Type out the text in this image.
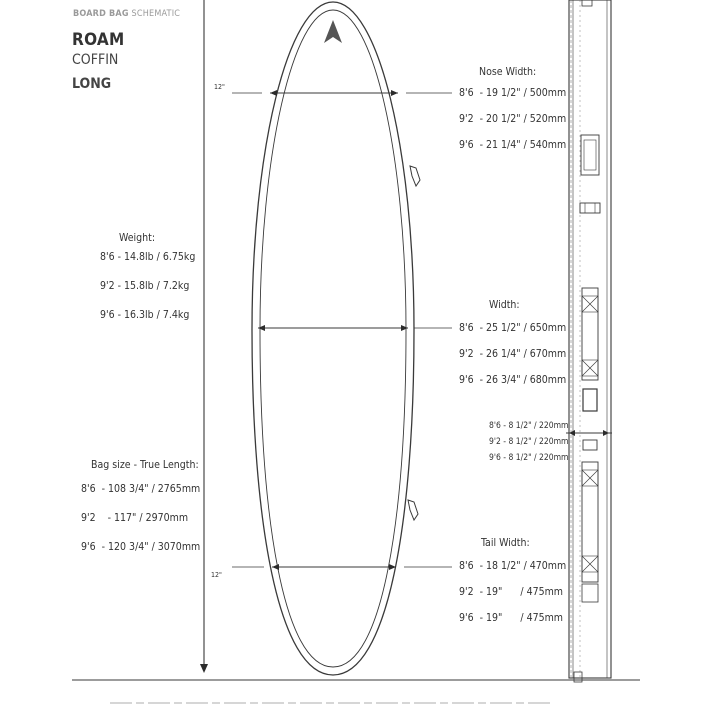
BOARD BAG SCHEMATIC
ROAM
COFFIN
LONG	12"
12"
Nose Width:
8'6 - 19 1/2" / 500mm
9'2 - 20 1/2" / 520mm
9'6 - 21 1/4" / 540mm
Weight:
8'6 - 14.8lb / 6.75kg
9'2 - 15.8lb / 7.2kg
9'6 - 16.3lb / 7.4kg
Width:
8'6 - 25 1/2" / 650mm
9'2 - 26 1/4" / 670mm
9'6 - 26 3/4" / 680mm
8'6 - 8 1/2" / 220mm
9'2 - 8 1/2" / 220mm
9'6 - 8 1/2" / 220mm
Bag size - True Length:
8'6 - 108 3/4" / 2765mm
9'2 - 117" / 2970mm
9'6 - 120 3/4" / 3070mm	Tail Width:
8'6 - 18 1/2" / 470mm
9'2 - 19"      / 475mm
9'6 - 19"      / 475mm
